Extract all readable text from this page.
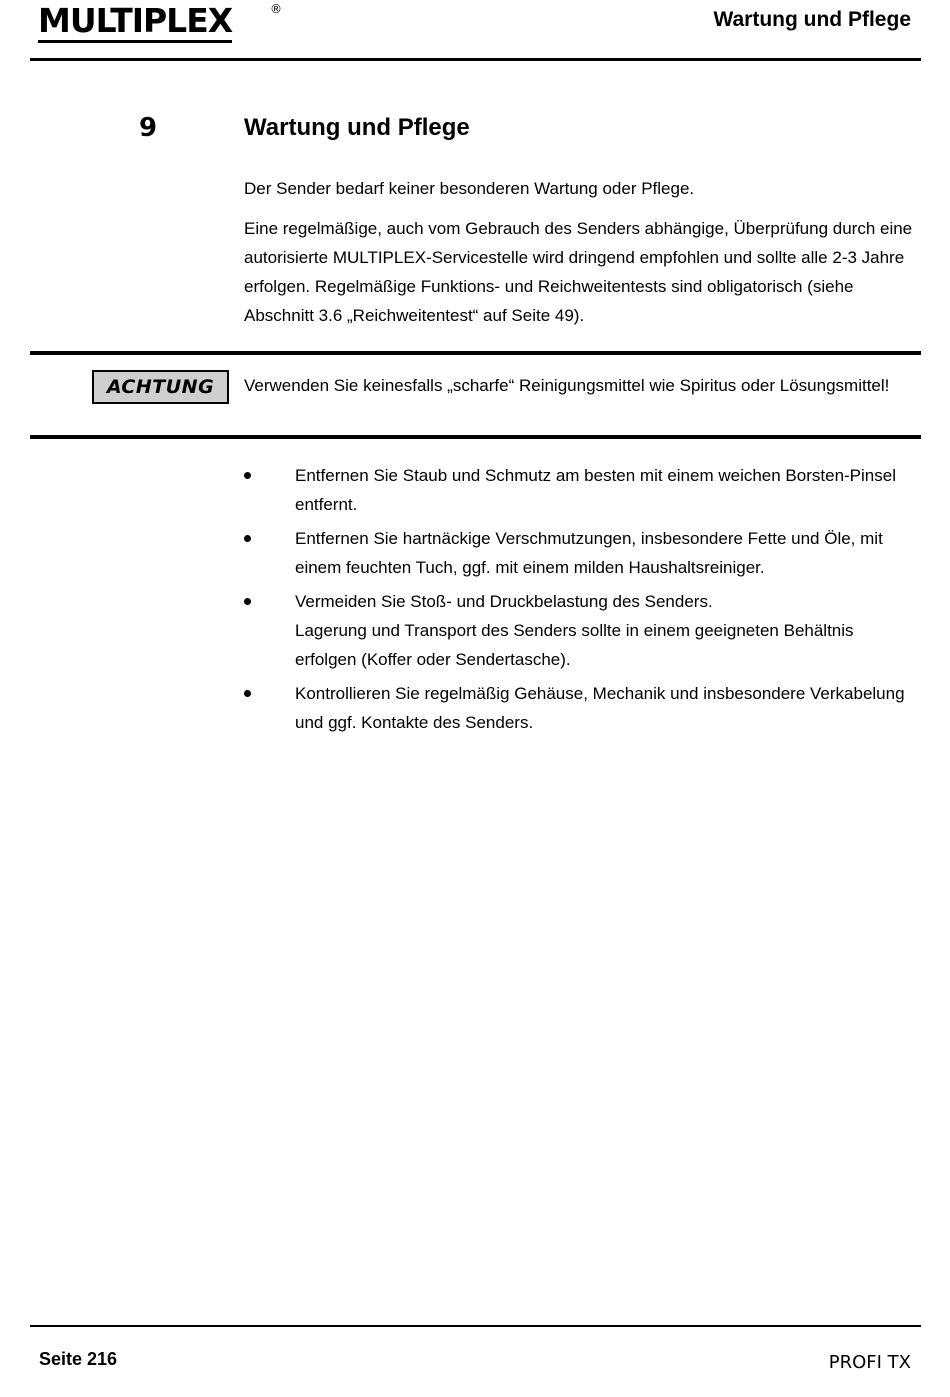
MULTIPLEX	®	Wartung und Pflege
9	Wartung und Pflege

Der Sender bedarf keiner besonderen Wartung oder Pflege.

Eine regelmäßige, auch vom Gebrauch des Senders abhängige, Überprüfung durch eine autorisierte MULTIPLEX-Servicestelle wird dringend empfohlen und sollte alle 2-3 Jahre erfolgen. Regelmäßige Funktions- und Reichweitentests sind obligatorisch (siehe Abschnitt 3.6 „Reichweitentest“ auf Seite 49).

ACHTUNG	Verwenden Sie keinesfalls „scharfe“ Reinigungsmittel wie Spiritus oder Lösungsmittel!

Entfernen Sie Staub und Schmutz am besten mit einem weichen Borsten-Pinsel entfernt.
Entfernen Sie hartnäckige Verschmutzungen, insbesondere Fette und Öle, mit einem feuchten Tuch, ggf. mit einem milden Haushaltsreiniger.
Vermeiden Sie Stoß- und Druckbelastung des Senders.
Lagerung und Transport des Senders sollte in einem geeigneten Behältnis erfolgen (Koffer oder Sendertasche).
Kontrollieren Sie regelmäßig Gehäuse, Mechanik und insbesondere Verkabelung und ggf. Kontakte des Senders.
Seite 216	PROFI TX
